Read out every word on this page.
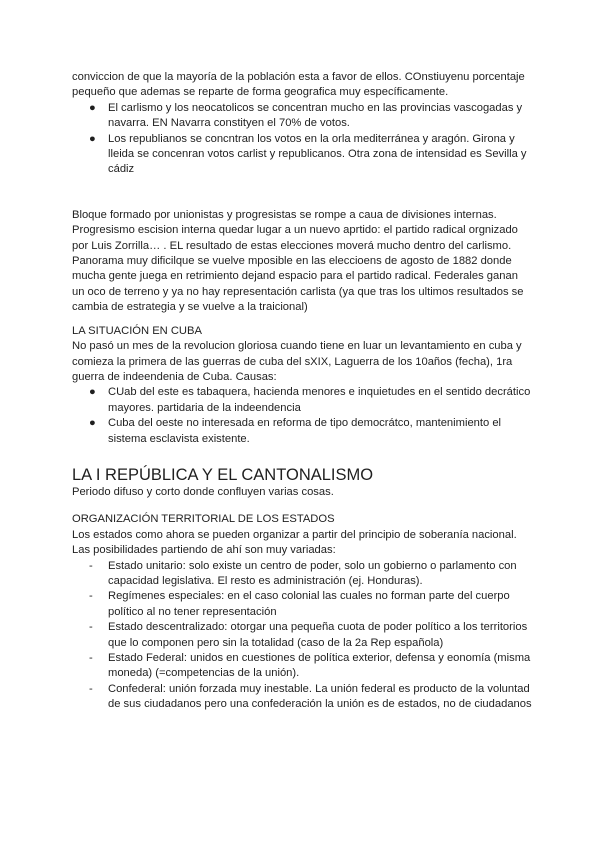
conviccion de que la mayoría de la población esta a favor de ellos. COnstiuyenu porcentaje pequeño que ademas se reparte de forma geografica muy específicamente.

● El carlismo y los neocatolicos se concentran mucho en las provincias vascogadas y navarra. EN Navarra constityen el 70% de votos.
● Los republianos se concntran los votos en la orla mediterránea y aragón. Girona y lleida se concenran votos carlist y republicanos. Otra zona de intensidad es Sevilla y cádiz

Bloque formado por unionistas y progresistas se rompe a caua de divisiones internas. Progresismo escision interna quedar lugar a un nuevo aprtido: el partido radical orgnizado por Luis Zorrilla… . EL resultado de estas elecciones moverá mucho dentro del carlismo. Panorama muy dificilque se vuelve mposible en las eleccioens de agosto de 1882 donde mucha gente juega en retrimiento dejand espacio para el partido radical. Federales ganan un oco de terreno y ya no hay representación carlista (ya que tras los ultimos resultados se cambia de estrategia y se vuelve a la traicional)

LA SITUACIÓN EN CUBA

No pasó un mes de la revolucion gloriosa cuando tiene en luar un levantamiento en cuba y comieza la primera de las guerras de cuba del sXIX, Laguerra de los 10años (fecha), 1ra guerra de indeendenia de Cuba. Causas:

● CUab del este es tabaquera, hacienda menores e inquietudes en el sentido decrático mayores. partidaria de la indeendencia
● Cuba del oeste no interesada en reforma de tipo democrátco, mantenimiento el sistema esclavista existente.

LA I REPÚBLICA Y EL CANTONALISMO

Periodo difuso y corto donde confluyen varias cosas.

ORGANIZACIÓN TERRITORIAL DE LOS ESTADOS

Los estados como ahora se pueden organizar a partir del principio de soberanía nacional. Las posibilidades partiendo de ahí son muy variadas:

- Estado unitario: solo existe un centro de poder, solo un gobierno o parlamento con capacidad legislativa. El resto es administración (ej. Honduras).
- Regímenes especiales: en el caso colonial las cuales no forman parte del cuerpo político al no tener representación
- Estado descentralizado: otorgar una pequeña cuota de poder político a los territorios que lo componen pero sin la totalidad (caso de la 2a Rep española)
- Estado Federal: unidos en cuestiones de política exterior, defensa y eonomía (misma moneda) (=competencias de la unión).
- Confederal: unión forzada muy inestable. La unión federal es producto de la voluntad de sus ciudadanos pero una confederación la unión es de estados, no de ciudadanos
